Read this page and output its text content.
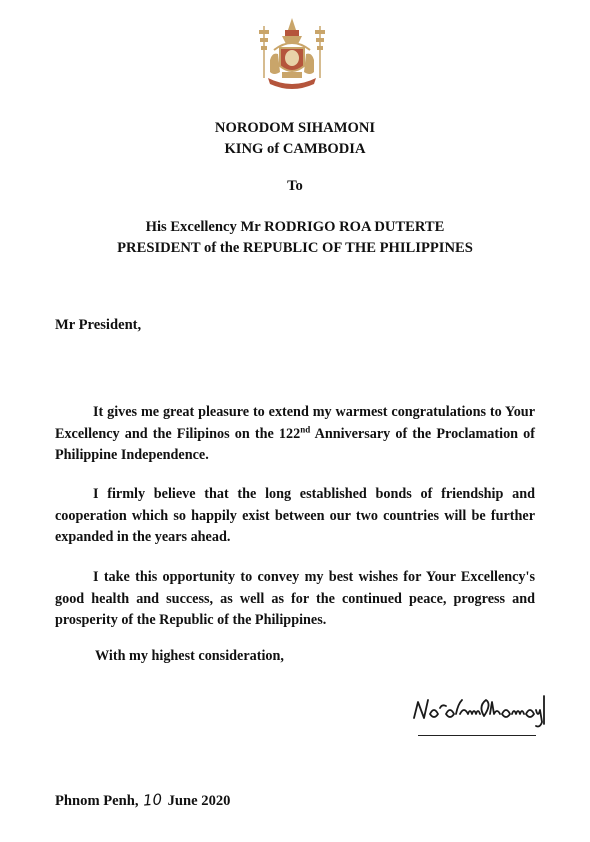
NORODOM SIHAMONI
KING of CAMBODIA
To
His Excellency Mr RODRIGO ROA DUTERTE
PRESIDENT of the REPUBLIC OF THE PHILIPPINES
Mr President,

It gives me great pleasure to extend my warmest congratulations to Your Excellency and the Filipinos on the 122nd Anniversary of the Proclamation of Philippine Independence.

I firmly believe that the long established bonds of friendship and cooperation which so happily exist between our two countries will be further expanded in the years ahead.

I take this opportunity to convey my best wishes for Your Excellency's good health and success, as well as for the continued peace, progress and prosperity of the Republic of the Philippines.

With my highest consideration,
Phnom Penh, 10 June 2020
